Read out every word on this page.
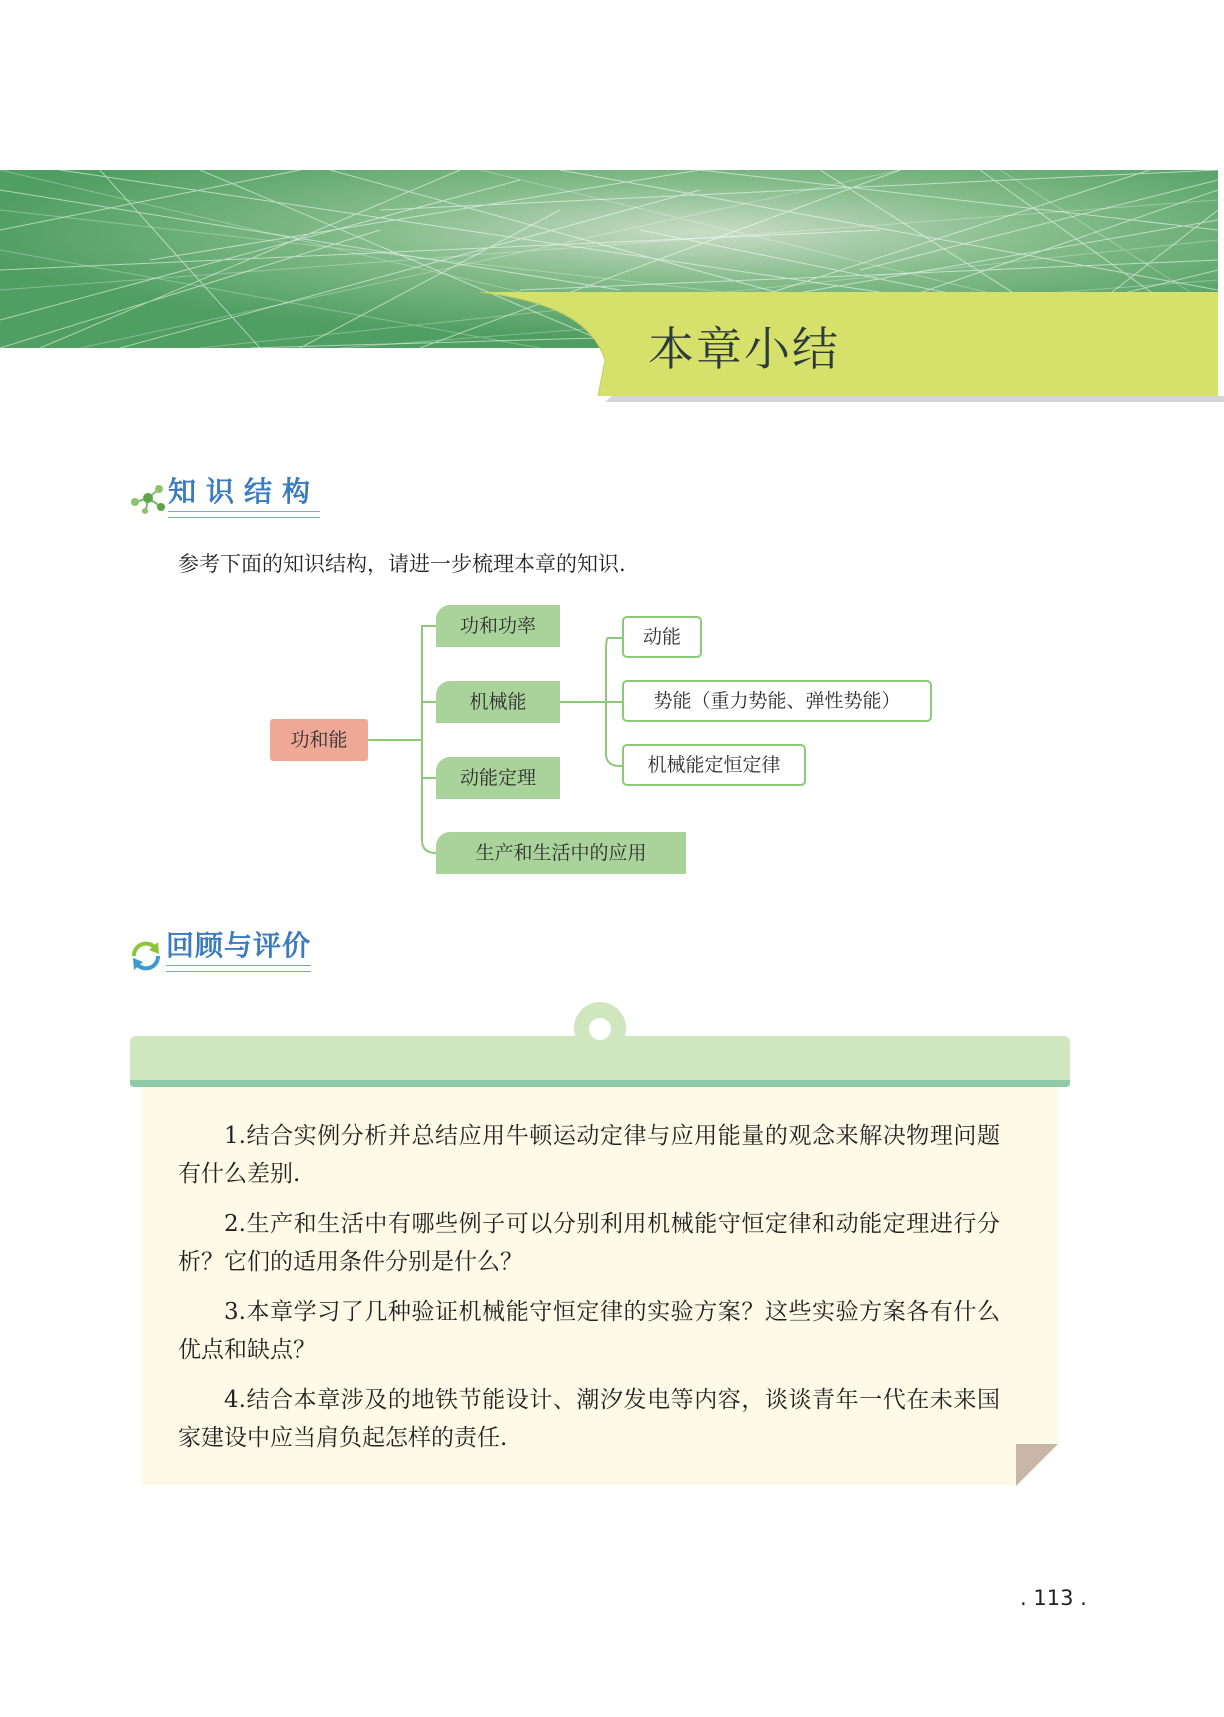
本章小结
知识结构
参考下面的知识结构，请进一步梳理本章的知识.
功和能
功和功率
机械能
动能定理
生产和生活中的应用
动能
势能（重力势能、弹性势能）
机械能定恒定律
回顾与评价
1.结合实例分析并总结应用牛顿运动定律与应用能量的观念来解决物理问题有什么差别.
2.生产和生活中有哪些例子可以分别利用机械能守恒定律和动能定理进行分析？它们的适用条件分别是什么？
3.本章学习了几种验证机械能守恒定律的实验方案？这些实验方案各有什么优点和缺点？
4.结合本章涉及的地铁节能设计、潮汐发电等内容，谈谈青年一代在未来国家建设中应当肩负起怎样的责任.
. 113 .
